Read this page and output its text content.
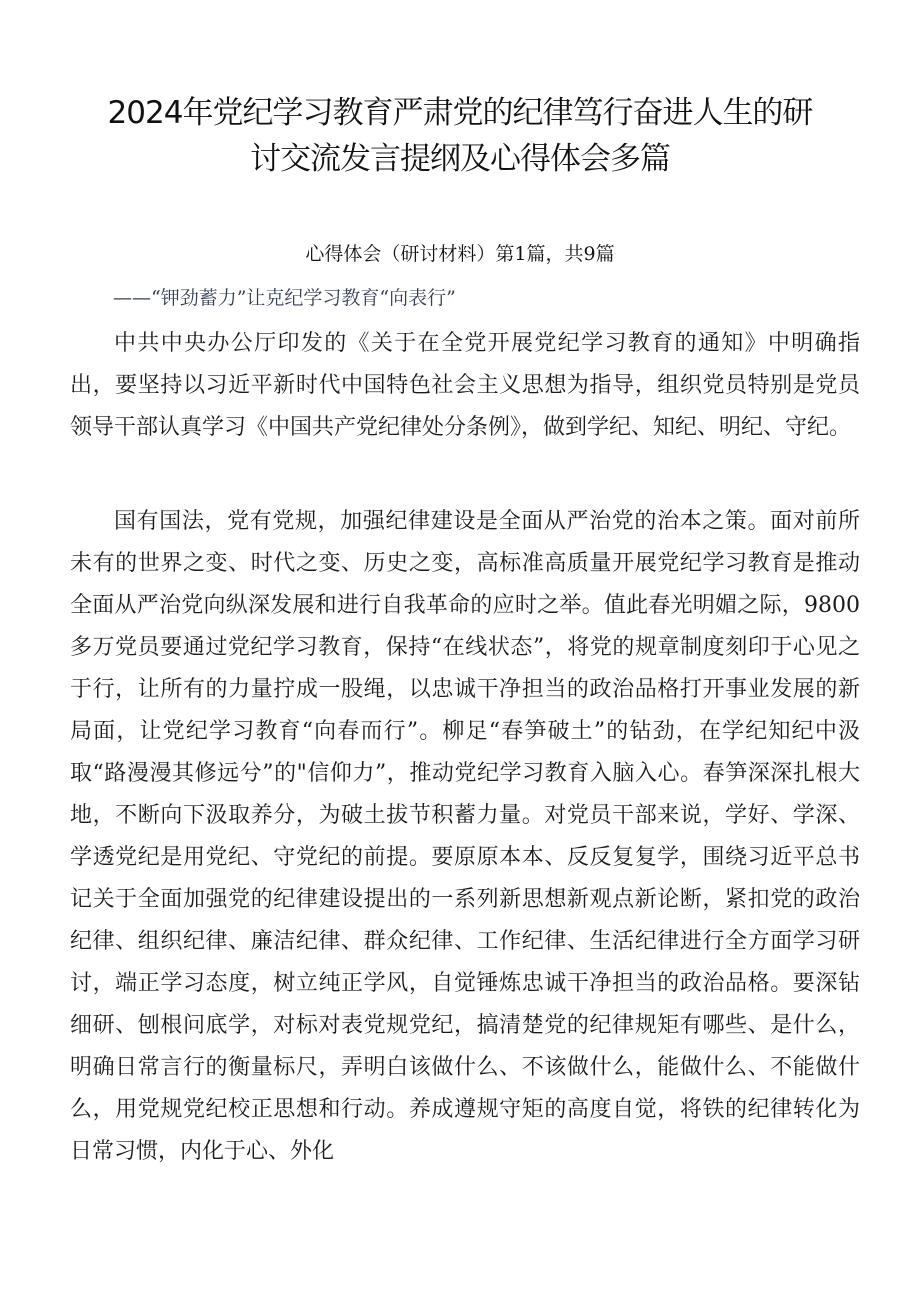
2024年党纪学习教育严肃党的纪律笃行奋进人生的研
讨交流发言提纲及心得体会多篇
心得体会（研讨材料）第1篇，共9篇
——“钾劲蓄力”让克纪学习教育“向表行”
中共中央办公厅印发的《关于在全党开展党纪学习教育的通知》中明确指出，要坚持以习近平新时代中国特色社会主义思想为指导，组织党员特别是党员领导干部认真学习《中国共产党纪律处分条例》，做到学纪、知纪、明纪、守纪。
国有国法，党有党规，加强纪律建设是全面从严治党的治本之策。面对前所未有的世界之变、时代之变、历史之变，高标准高质量开展党纪学习教育是推动全面从严治党向纵深发展和进行自我革命的应时之举。值此春光明媚之际，9800多万党员要通过党纪学习教育，保持“在线状态”，将党的规章制度刻印于心见之于行，让所有的力量拧成一股绳，以忠诚干净担当的政治品格打开事业发展的新局面，让党纪学习教育“向春而行”。柳足“春笋破土”的钻劲，在学纪知纪中汲取“路漫漫其修远兮”的"信仰力”，推动党纪学习教育入脑入心。春笋深深扎根大地，不断向下汲取养分，为破土拔节积蓄力量。对党员干部来说，学好、学深、学透党纪是用党纪、守党纪的前提。要原原本本、反反复复学，围绕习近平总书记关于全面加强党的纪律建设提出的一系列新思想新观点新论断，紧扣党的政治纪律、组织纪律、廉洁纪律、群众纪律、工作纪律、生活纪律进行全方面学习研讨，端正学习态度，树立纯正学风，自觉锤炼忠诚干净担当的政治品格。要深钻细研、刨根问底学，对标对表党规党纪，搞清楚党的纪律规矩有哪些、是什么，明确日常言行的衡量标尺，弄明白该做什么、不该做什么，能做什么、不能做什么，用党规党纪校正思想和行动。养成遵规守矩的高度自觉，将铁的纪律转化为日常习惯，内化于心、外化
